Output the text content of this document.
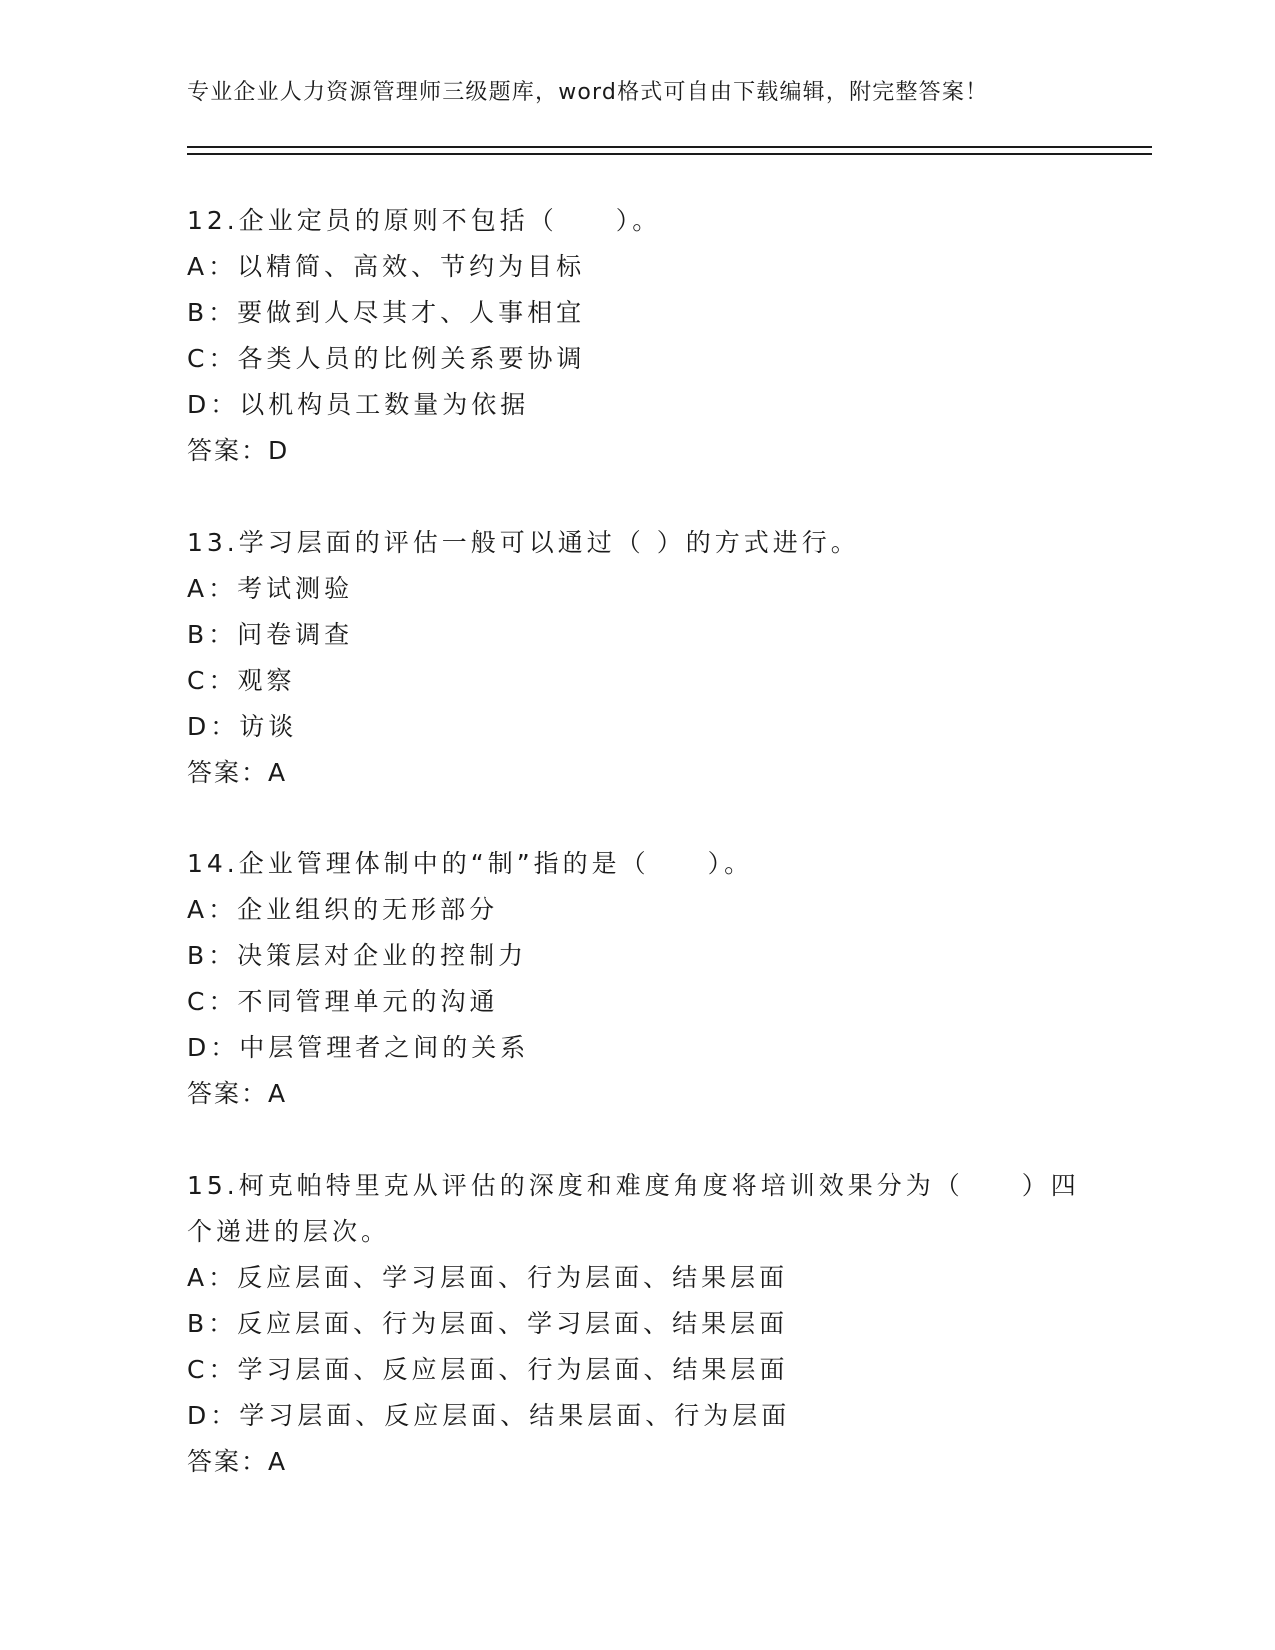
专业企业人力资源管理师三级题库，word格式可自由下载编辑，附完整答案！
12.企业定员的原则不包括（　　）。
A：以精简、高效、节约为目标
B：要做到人尽其才、人事相宜
C：各类人员的比例关系要协调
D：以机构员工数量为依据
答案：D
13.学习层面的评估一般可以通过（ ）的方式进行。
A：考试测验
B：问卷调查
C：观察
D：访谈
答案：A
14.企业管理体制中的“制”指的是（　　）。
A：企业组织的无形部分
B：决策层对企业的控制力
C：不同管理单元的沟通
D：中层管理者之间的关系
答案：A
15.柯克帕特里克从评估的深度和难度角度将培训效果分为（　　）四
个递进的层次。
A：反应层面、学习层面、行为层面、结果层面
B：反应层面、行为层面、学习层面、结果层面
C：学习层面、反应层面、行为层面、结果层面
D：学习层面、反应层面、结果层面、行为层面
答案：A
